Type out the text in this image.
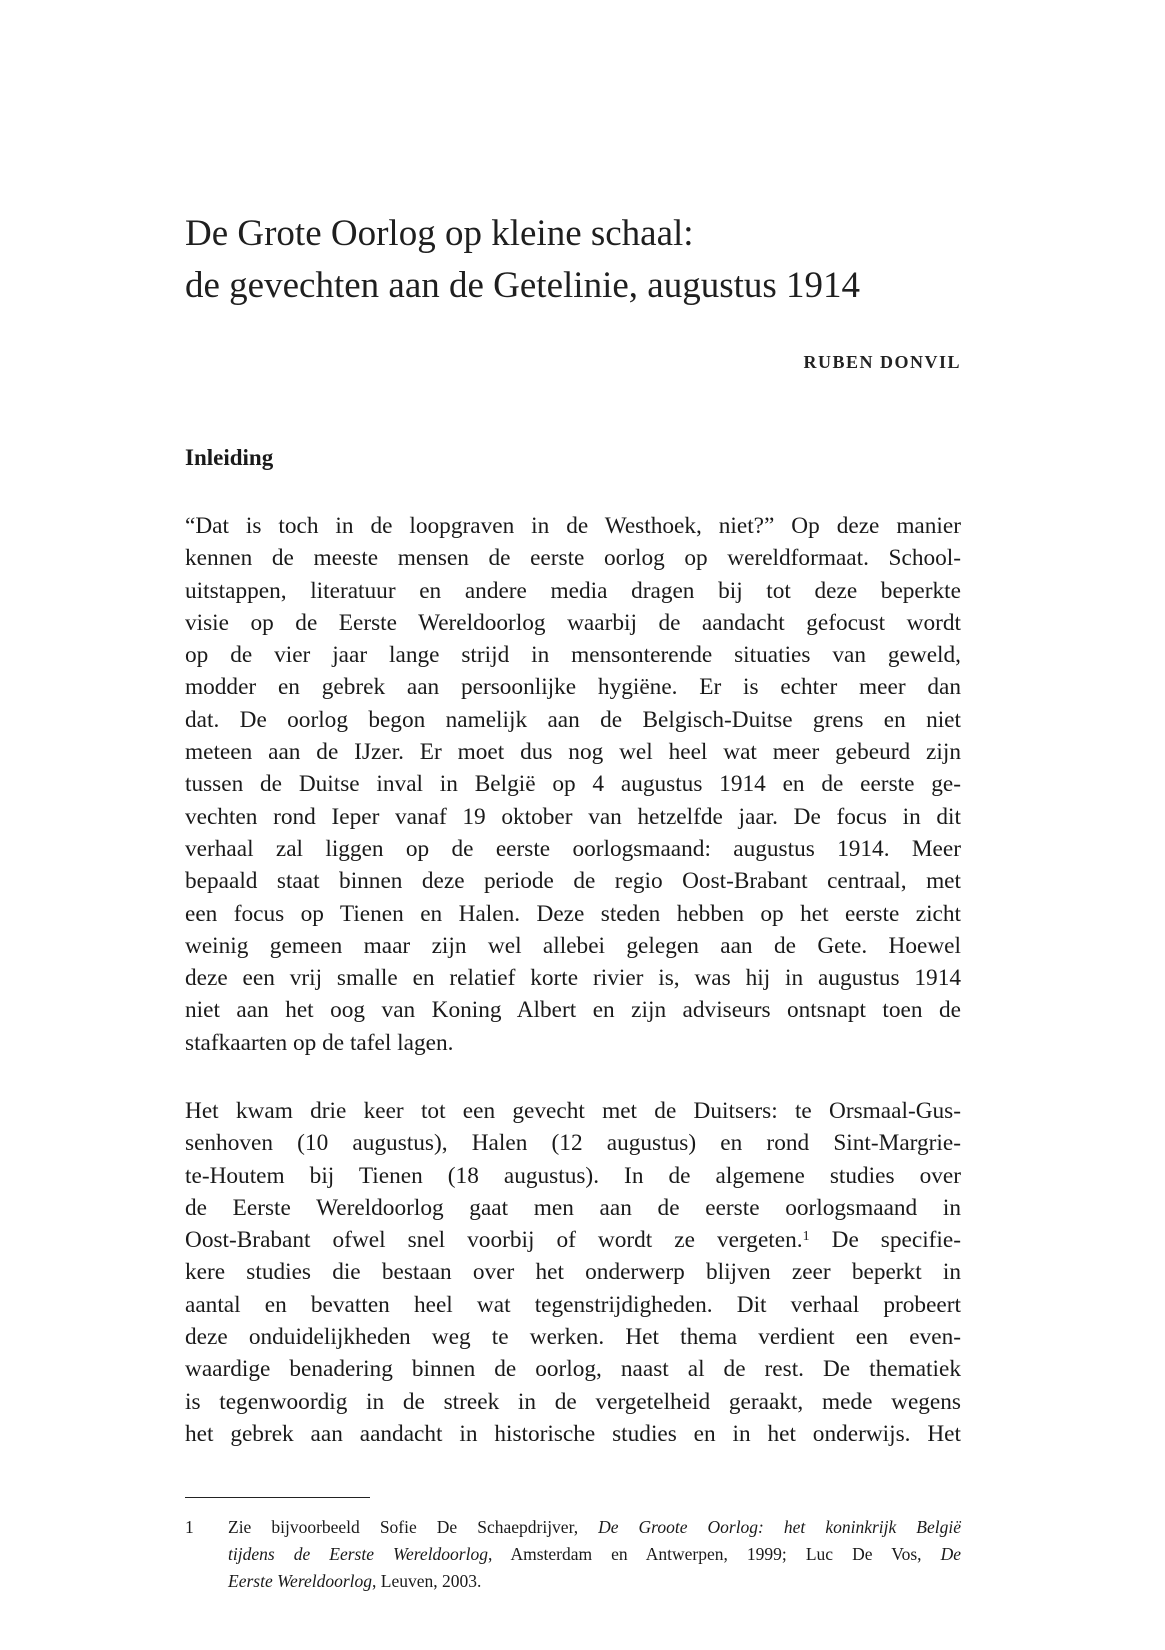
De Grote Oorlog op kleine schaal:
de gevechten aan de Getelinie, augustus 1914

RUBEN DONVIL

Inleiding
“Dat is toch in de loopgraven in de Westhoek, niet?” Op deze manier
kennen de meeste mensen de eerste oorlog op wereldformaat. School-
uitstappen, literatuur en andere media dragen bij tot deze beperkte
visie op de Eerste Wereldoorlog waarbij de aandacht gefocust wordt
op de vier jaar lange strijd in mensonterende situaties van geweld,
modder en gebrek aan persoonlijke hygiëne. Er is echter meer dan
dat. De oorlog begon namelijk aan de Belgisch-Duitse grens en niet
meteen aan de IJzer. Er moet dus nog wel heel wat meer gebeurd zijn
tussen de Duitse inval in België op 4 augustus 1914 en de eerste ge-
vechten rond Ieper vanaf 19 oktober van hetzelfde jaar. De focus in dit
verhaal zal liggen op de eerste oorlogsmaand: augustus 1914. Meer
bepaald staat binnen deze periode de regio Oost-Brabant centraal, met
een focus op Tienen en Halen. Deze steden hebben op het eerste zicht
weinig gemeen maar zijn wel allebei gelegen aan de Gete. Hoewel
deze een vrij smalle en relatief korte rivier is, was hij in augustus 1914
niet aan het oog van Koning Albert en zijn adviseurs ontsnapt toen de
stafkaarten op de tafel lagen.
Het kwam drie keer tot een gevecht met de Duitsers: te Orsmaal-Gus-
senhoven (10 augustus), Halen (12 augustus) en rond Sint-Margrie-
te-Houtem bij Tienen (18 augustus). In de algemene studies over
de Eerste Wereldoorlog gaat men aan de eerste oorlogsmaand in
Oost-Brabant ofwel snel voorbij of wordt ze vergeten.$^1$ De specifie-
kere studies die bestaan over het onderwerp blijven zeer beperkt in
aantal en bevatten heel wat tegenstrijdigheden. Dit verhaal probeert
deze onduidelijkheden weg te werken. Het thema verdient een even-
waardige benadering binnen de oorlog, naast al de rest. De thematiek
is tegenwoordig in de streek in de vergetelheid geraakt, mede wegens
het gebrek aan aandacht in historische studies en in het onderwijs. Het
1 Zie bijvoorbeeld Sofie De Schaepdrijver, De Groote Oorlog: het koninkrijk België
tijdens de Eerste Wereldoorlog, Amsterdam en Antwerpen, 1999; Luc De Vos, De
Eerste Wereldoorlog, Leuven, 2003.
